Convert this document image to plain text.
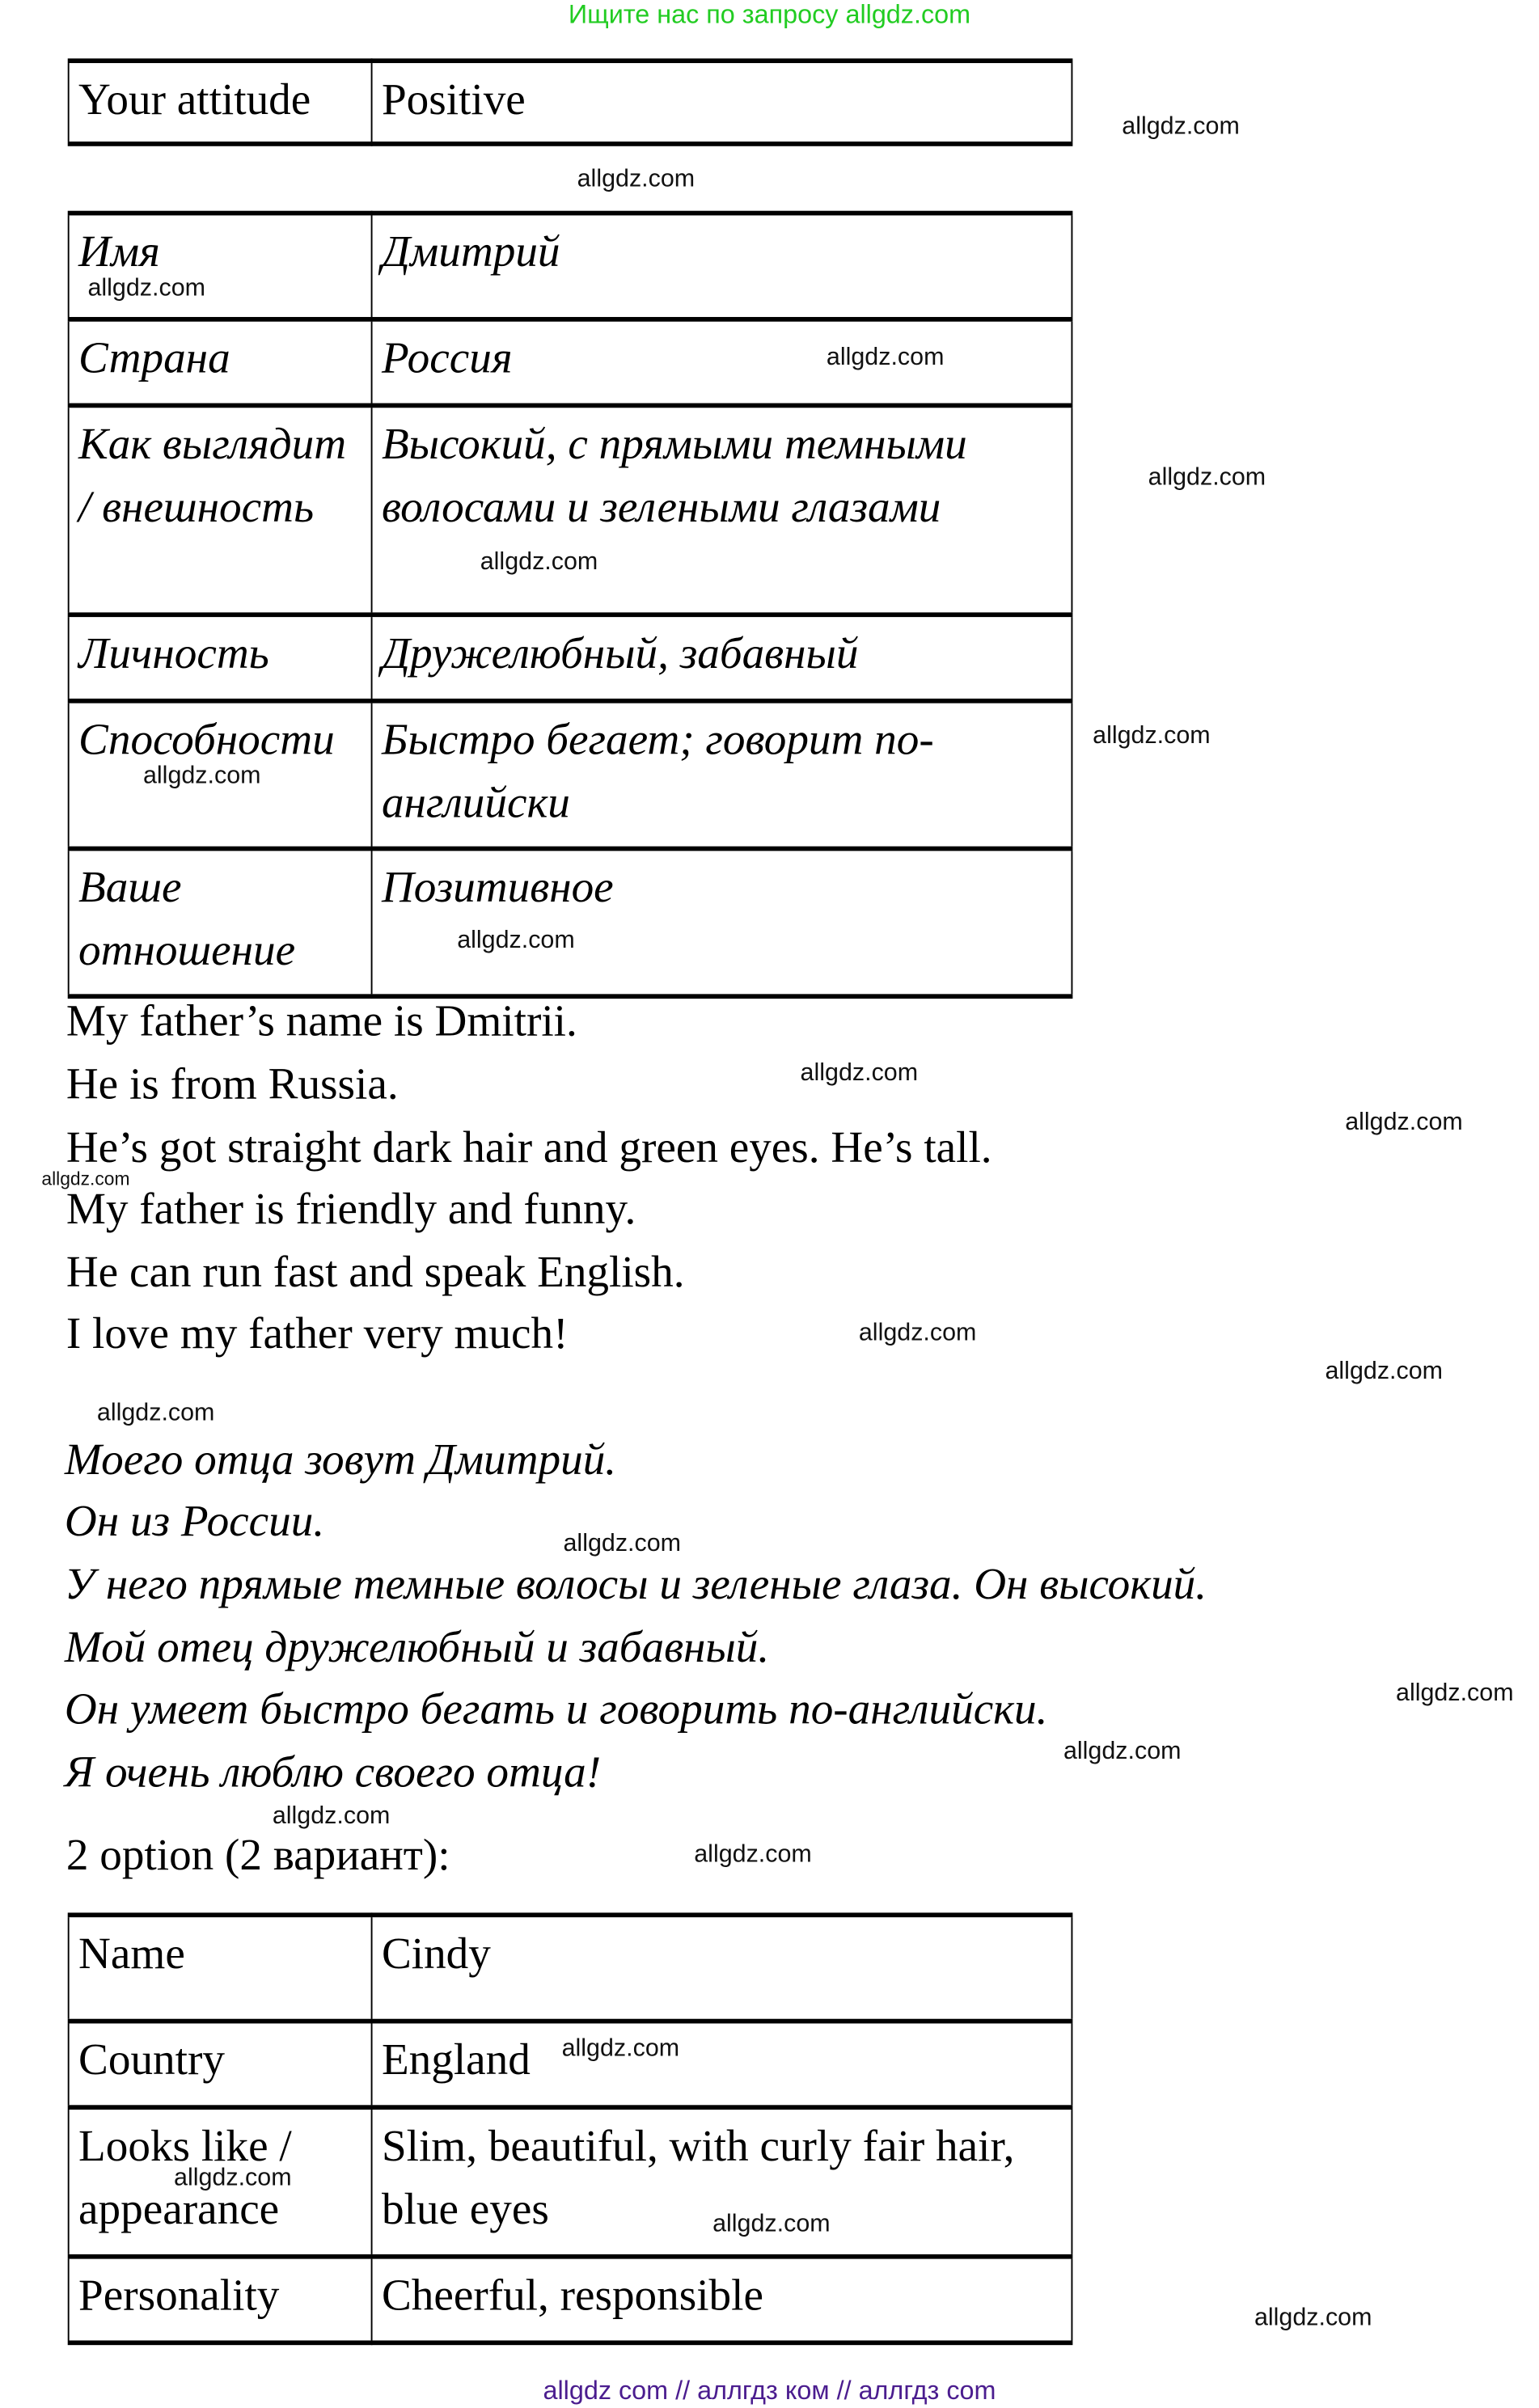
Ищите нас по запросу allgdz.com
Your attitude	Positive
Имя	Дмитрий
Страна	Россия
Как выглядит / внешность	Высокий, с прямыми темными волосами и зелеными глазами
Личность	Дружелюбный, забавный
Способности	Быстро бегает; говорит по-английски
Ваше отношение	Позитивное
My father’s name is Dmitrii.
He is from Russia.
He’s got straight dark hair and green eyes. He’s tall.
My father is friendly and funny.
He can run fast and speak English.
I love my father very much!
Моего отца зовут Дмитрий.
Он из России.
У него прямые темные волосы и зеленые глаза. Он высокий.
Мой отец дружелюбный и забавный.
Он умеет быстро бегать и говорить по-английски.
Я очень люблю своего отца!
2 option (2 вариант):
Name	Cindy
Country	England
Looks like / appearance	Slim, beautiful, with curly fair hair, blue eyes
Personality	Cheerful, responsible
allgdz.com
allgdz.com
allgdz.com
allgdz.com
allgdz.com
allgdz.com
allgdz.com
allgdz.com
allgdz.com
allgdz.com
allgdz.com
allgdz.com
allgdz.com
allgdz.com
allgdz.com
allgdz.com
allgdz.com
allgdz.com
allgdz.com
allgdz.com
allgdz.com
allgdz.com
allgdz.com
allgdz.com
allgdz com // аллгдз ком // аллгдз com
